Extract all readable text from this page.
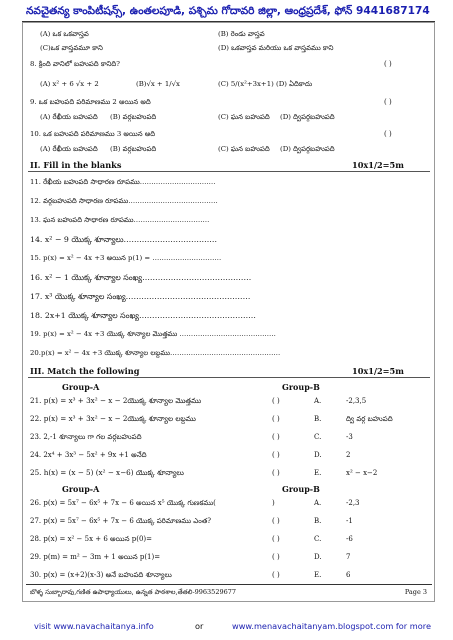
నవచైతన్య కాంపిటీషన్స్, ఉంతలపూడి, పశ్చిమ గోదావరి జిల్లా, ఆంధ్రప్రదేశ్, ఫోన్ 9441687174
(A) ఒక ఒకవాస్తవ	(B) రెండు వాస్తవ
(C)ఒక వాస్తవమూ కాని	(D) ఒకవాస్తవ మరియు ఒక వాస్తవము కాని
8. క్రింది వానిలో బహుపది కానిది?	( )
(A) x² + 6 √x + 2	(B)√x + 1/√x	(C) 5/(x²+3x+1) (D) ఏదికాదు
9. ఒక బహుపది పరిమాణము 2 అయిన అది	( )
(A) రేఖీయ బహుపది (B) వర్గబహుపది	(C) ఘన బహుపది (D) ద్విపర్గబహుపది
10. ఒక బహుపది పరిమాణము 3 అయిన అది	( )
(A) రేఖీయ బహుపది (B) వర్గబహుపది	(C) ఘన బహుపది (D) ద్విపర్గబహుపది
II. Fill in the blanks	10x1/2=5m
11. రేఖీయ బహుపది సాధారణ రూపము……………………………
12. వర్గబహుపది సాధారణ రూపము…………………………………
13. ఘన బహుపది సాధారణ రూపము……………………………
14. x² − 9 యొక్క శూన్యాలు………………………………
15. p(x) = x² − 4x +3 అయిన p(1) = …………………………
16. x² − 1 యొక్క శూన్యాల సంఖ్య……………………………………
17. x³ యొక్క శూన్యాల సంఖ్య…………………………………………
18. 2x+1 యొక్క శూన్యాల సంఖ్య………………………………………
19. p(x) = x² − 4x +3 యొక్క శూన్యాల మొత్తము ……………………………………
20.p(x) = x² − 4x +3 యొక్క శూన్యాల లబ్దము…………………………………………
III. Match the following	10x1/2=5m
Group-A	Group-B
21. p(x) = x³ + 3x² − x − 2యొక్క శూన్యాల మొత్తము	( )	A.	-2,3,5
22. p(x) = x³ + 3x² − x − 2యొక్క శూన్యాల లబ్దము	( )	B.	ద్వి వర్గ బహుపది
23. 2,-1 శూన్యాలు గా గల వర్గబహుపది	( )	C.	-3
24. 2x⁴ + 3x³ − 5x² + 9x +1 అనేది	( )	D.	2
25. h(x) = (x − 5) (x² − x−6) యొక్క శూన్యాలు	( )	E.	x² − x−2
Group-A	Group-B
26. p(x) = 5x⁷ − 6x⁵ + 7x − 6 అయిన x⁵ యొక్క గుణకము(	)	A.	-2,3
27. p(x) = 5x⁷ − 6x⁵ + 7x − 6 యొక్క పరిమాణము ఎంత?	( )	B.	-1
28. p(x) = x² − 5x + 6 అయిన p(0)=	( )	C.	-6
29. p(m) = m² − 3m + 1 అయిన p(1)=	( )	D.	7
30. p(x) = (x+2)(x-3) అనే బహుపది శూన్యాలు	( )	E.	6
బొళ్ళ సుబ్బారావు,గణిత ఉపాధ్యాయులు, ఉన్నత పాఠశాల,తేతలి-9963529677	Page 3
visit www.navachaitanya.info	or	www.menavachaitanyam.blogspot.com for more
